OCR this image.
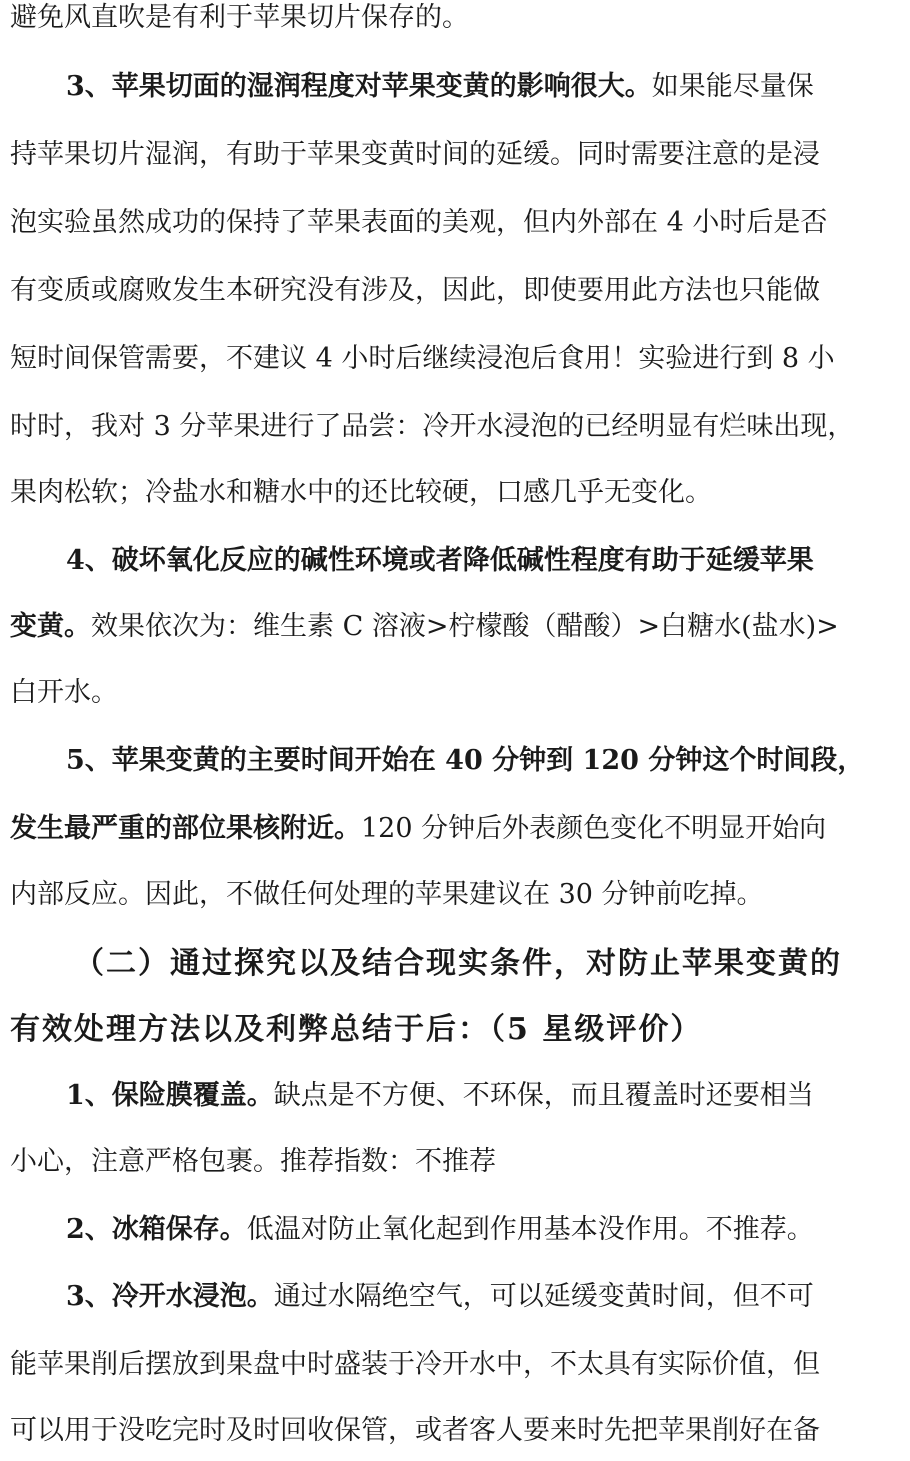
避免风直吹是有利于苹果切片保存的。
3、苹果切面的湿润程度对苹果变黄的影响很大。如果能尽量保
持苹果切片湿润，有助于苹果变黄时间的延缓。同时需要注意的是浸
泡实验虽然成功的保持了苹果表面的美观，但内外部在 4 小时后是否
有变质或腐败发生本研究没有涉及，因此，即使要用此方法也只能做
短时间保管需要，不建议 4 小时后继续浸泡后食用！实验进行到 8 小
时时，我对 3 分苹果进行了品尝：冷开水浸泡的已经明显有烂味出现，
果肉松软；冷盐水和糖水中的还比较硬，口感几乎无变化。
4、破坏氧化反应的碱性环境或者降低碱性程度有助于延缓苹果
变黄。效果依次为：维生素 C 溶液>柠檬酸（醋酸）>白糖水(盐水)>
白开水。
5、苹果变黄的主要时间开始在 40 分钟到 120 分钟这个时间段，
发生最严重的部位果核附近。120 分钟后外表颜色变化不明显开始向
内部反应。因此，不做任何处理的苹果建议在 30 分钟前吃掉。
（二）通过探究以及结合现实条件，对防止苹果变黄的
有效处理方法以及利弊总结于后：（5 星级评价）
1、保险膜覆盖。缺点是不方便、不环保，而且覆盖时还要相当
小心，注意严格包裹。推荐指数：不推荐
2、冰箱保存。低温对防止氧化起到作用基本没作用。不推荐。
3、冷开水浸泡。通过水隔绝空气，可以延缓变黄时间，但不可
能苹果削后摆放到果盘中时盛装于冷开水中，不太具有实际价值，但
可以用于没吃完时及时回收保管，或者客人要来时先把苹果削好在备
